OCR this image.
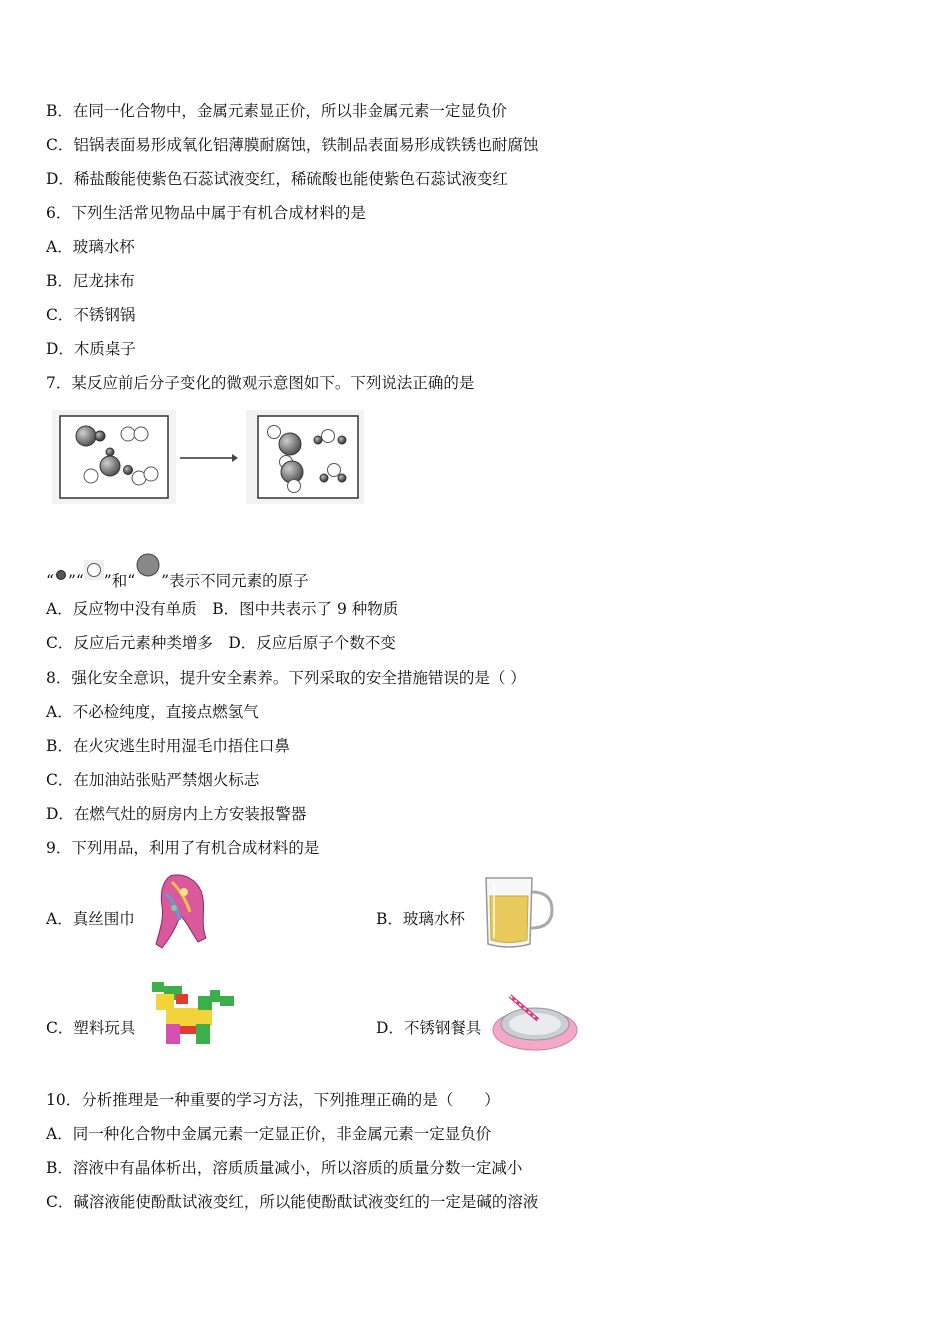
B．在同一化合物中，金属元素显正价，所以非金属元素一定显负价
C．铝锅表面易形成氧化铝薄膜耐腐蚀，铁制品表面易形成铁锈也耐腐蚀
D．稀盐酸能使紫色石蕊试液变红，稀硫酸也能使紫色石蕊试液变红
6．下列生活常见物品中属于有机合成材料的是
A．玻璃水杯
B．尼龙抹布
C．不锈钢锅
D．木质桌子
7．某反应前后分子变化的微观示意图如下。下列说法正确的是
“ ”“ ”和“ ”表示不同元素的原子
A．反应物中没有单质　B．图中共表示了 9 种物质
C．反应后元素种类增多　D．反应后原子个数不变
8．强化安全意识，提升安全素养。下列采取的安全措施错误的是（ ）
A．不必检纯度，直接点燃氢气
B．在火灾逃生时用湿毛巾捂住口鼻
C．在加油站张贴严禁烟火标志
D．在燃气灶的厨房内上方安装报警器
9．下列用品，利用了有机合成材料的是
A．真丝围巾	B．玻璃水杯
C．塑料玩具	D．不锈钢餐具
10．分析推理是一种重要的学习方法，下列推理正确的是（　　）
A．同一种化合物中金属元素一定显正价，非金属元素一定显负价
B．溶液中有晶体析出，溶质质量减小，所以溶质的质量分数一定减小
C．碱溶液能使酚酞试液变红，所以能使酚酞试液变红的一定是碱的溶液
